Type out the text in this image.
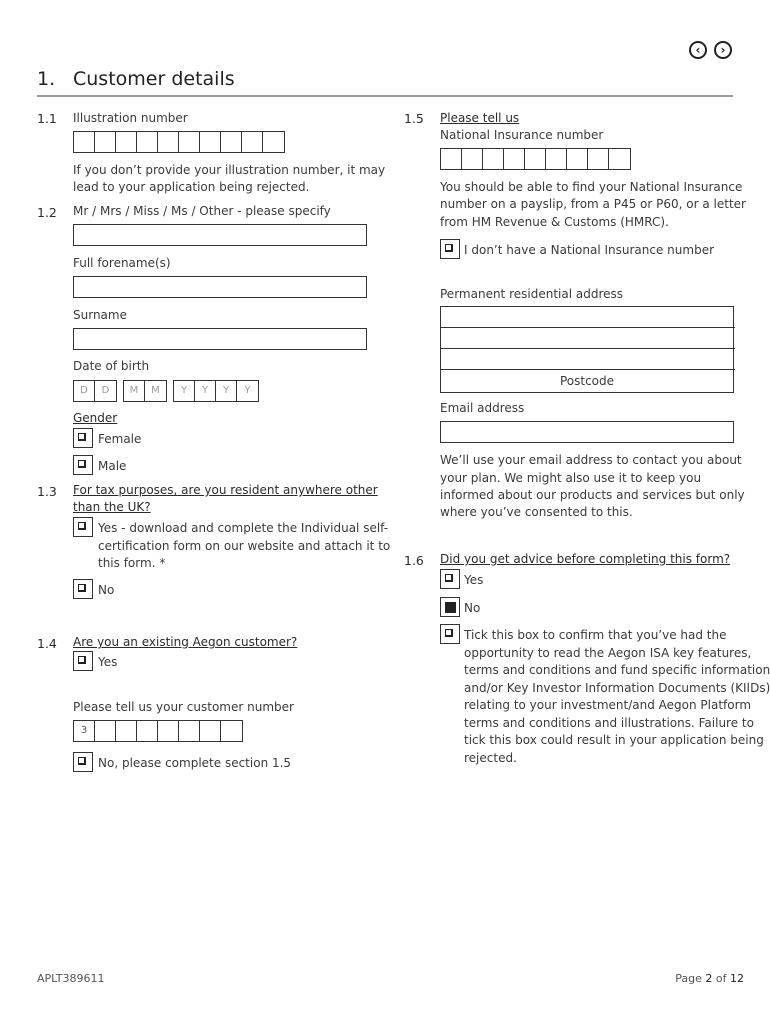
‹ ›
1. Customer details
1.1 Illustration number
If you don’t provide your illustration number, it may
lead to your application being rejected.
1.2 Mr / Mrs / Miss / Ms / Other - please specify
Full forename(s)
Surname
Date of birth
D	D	M	M	Y	Y	Y	Y
Gender
Female
Male
1.3 For tax purposes, are you resident anywhere other
than the UK?
Yes - download and complete the Individual self-
certification form on our website and attach it to
this form. *
No
1.4 Are you an existing Aegon customer?
Yes
Please tell us your customer number
3
No, please complete section 1.5
1.5 Please tell us
National Insurance number
You should be able to find your National Insurance
number on a payslip, from a P45 or P60, or a letter
from HM Revenue & Customs (HMRC).
I don’t have a National Insurance number
Permanent residential address
Postcode
Email address
We’ll use your email address to contact you about
your plan. We might also use it to keep you
informed about our products and services but only
where you’ve consented to this.
1.6 Did you get advice before completing this form?
Yes
No
Tick this box to confirm that you’ve had the
opportunity to read the Aegon ISA key features,
terms and conditions and fund specific information
and/or Key Investor Information Documents (KIIDs)
relating to your investment/and Aegon Platform
terms and conditions and illustrations. Failure to
tick this box could result in your application being
rejected.
APLT389611	Page 2 of 12
